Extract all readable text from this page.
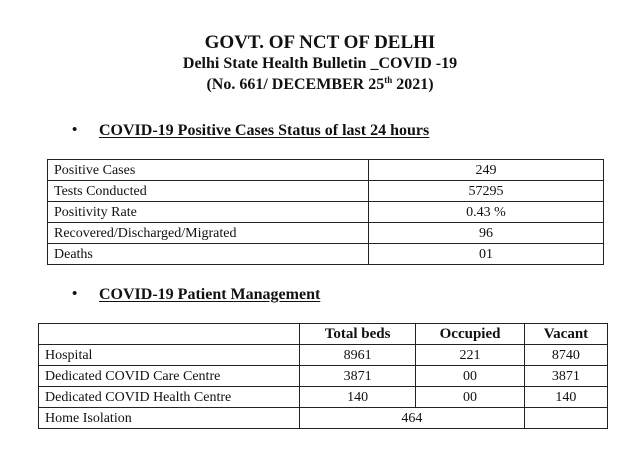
GOVT. OF NCT OF DELHI
Delhi State Health Bulletin _COVID -19
(No. 661/ DECEMBER 25th 2021)
• COVID-19 Positive Cases Status of last 24 hours
Positive Cases	249
Tests Conducted	57295
Positivity Rate	0.43 %
Recovered/Discharged/Migrated	96
Deaths	01
• COVID-19 Patient Management
	Total beds	Occupied	Vacant
Hospital	8961	221	8740
Dedicated COVID Care Centre	3871	00	3871
Dedicated COVID Health Centre	140	00	140
Home Isolation	464		
